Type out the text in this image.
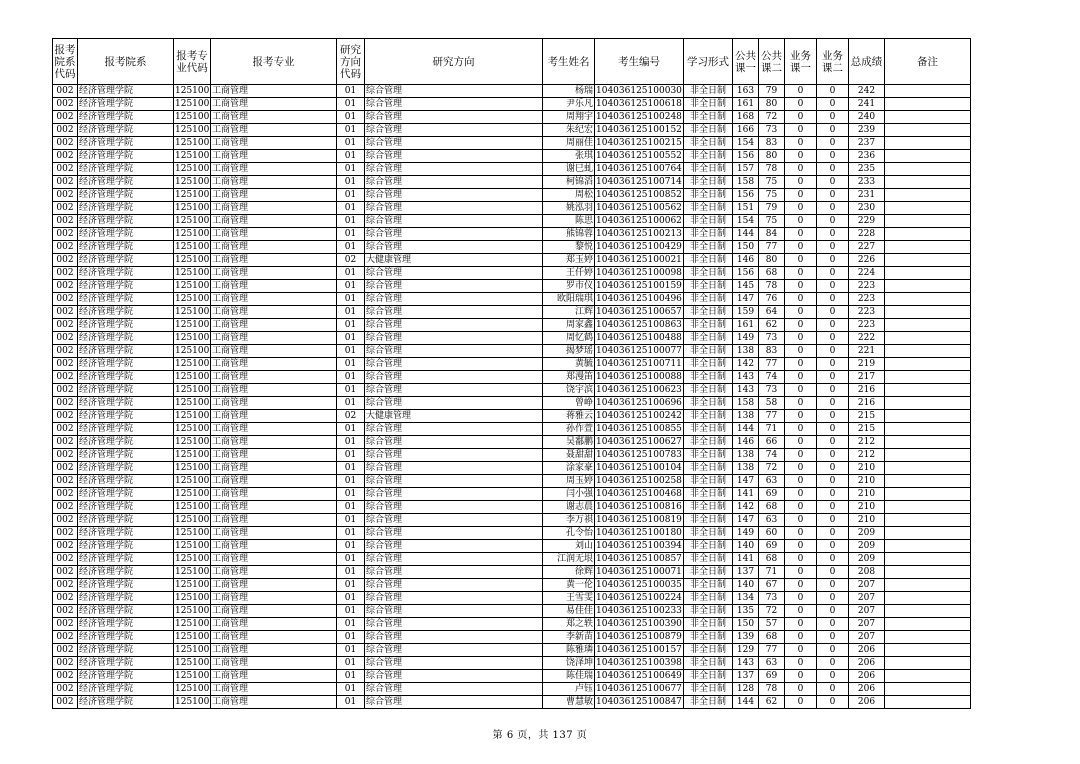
报考院系代码	报考院系	报考专业代码	报考专业	研究方向代码	研究方向	考生姓名	考生编号	学习形式	公共课一	公共课二	业务课一	业务课二	总成绩	备注
002	经济管理学院	125100	工商管理	01	综合管理	杨瑞	104036125100030	非全日制	163	79	0	0	242	
002	经济管理学院	125100	工商管理	01	综合管理	尹乐凡	104036125100618	非全日制	161	80	0	0	241	
002	经济管理学院	125100	工商管理	01	综合管理	周翔宇	104036125100248	非全日制	168	72	0	0	240	
002	经济管理学院	125100	工商管理	01	综合管理	朱纪宏	104036125100152	非全日制	166	73	0	0	239	
002	经济管理学院	125100	工商管理	01	综合管理	周丽佳	104036125100215	非全日制	154	83	0	0	237	
002	经济管理学院	125100	工商管理	01	综合管理	张琪	104036125100552	非全日制	156	80	0	0	236	
002	经济管理学院	125100	工商管理	01	综合管理	谢巳虬	104036125100764	非全日制	157	78	0	0	235	
002	经济管理学院	125100	工商管理	01	综合管理	柯锦滔	104036125100714	非全日制	158	75	0	0	233	
002	经济管理学院	125100	工商管理	01	综合管理	周松	104036125100852	非全日制	156	75	0	0	231	
002	经济管理学院	125100	工商管理	01	综合管理	姚泓羽	104036125100562	非全日制	151	79	0	0	230	
002	经济管理学院	125100	工商管理	01	综合管理	陈思	104036125100062	非全日制	154	75	0	0	229	
002	经济管理学院	125100	工商管理	01	综合管理	熊锦蓉	104036125100213	非全日制	144	84	0	0	228	
002	经济管理学院	125100	工商管理	01	综合管理	黎悦	104036125100429	非全日制	150	77	0	0	227	
002	经济管理学院	125100	工商管理	02	大健康管理	郑玉婷	104036125100021	非全日制	146	80	0	0	226	
002	经济管理学院	125100	工商管理	01	综合管理	王仟婷	104036125100098	非全日制	156	68	0	0	224	
002	经济管理学院	125100	工商管理	01	综合管理	罗市仪	104036125100159	非全日制	145	78	0	0	223	
002	经济管理学院	125100	工商管理	01	综合管理	欧阳瑞琪	104036125100496	非全日制	147	76	0	0	223	
002	经济管理学院	125100	工商管理	01	综合管理	江辉	104036125100657	非全日制	159	64	0	0	223	
002	经济管理学院	125100	工商管理	01	综合管理	周家鑫	104036125100863	非全日制	161	62	0	0	223	
002	经济管理学院	125100	工商管理	01	综合管理	周忆鹤	104036125100488	非全日制	149	73	0	0	222	
002	经济管理学院	125100	工商管理	01	综合管理	揭梦瑶	104036125100077	非全日制	138	83	0	0	221	
002	经济管理学院	125100	工商管理	01	综合管理	黄毓	104036125100711	非全日制	142	77	0	0	219	
002	经济管理学院	125100	工商管理	01	综合管理	郑漫笛	104036125100088	非全日制	143	74	0	0	217	
002	经济管理学院	125100	工商管理	01	综合管理	饶宇滨	104036125100623	非全日制	143	73	0	0	216	
002	经济管理学院	125100	工商管理	01	综合管理	曾峥	104036125100696	非全日制	158	58	0	0	216	
002	经济管理学院	125100	工商管理	02	大健康管理	蒋雅云	104036125100242	非全日制	138	77	0	0	215	
002	经济管理学院	125100	工商管理	01	综合管理	孙作萱	104036125100855	非全日制	144	71	0	0	215	
002	经济管理学院	125100	工商管理	01	综合管理	吴鄱鹏	104036125100627	非全日制	146	66	0	0	212	
002	经济管理学院	125100	工商管理	01	综合管理	聂甜甜	104036125100783	非全日制	138	74	0	0	212	
002	经济管理学院	125100	工商管理	01	综合管理	涂家豪	104036125100104	非全日制	138	72	0	0	210	
002	经济管理学院	125100	工商管理	01	综合管理	周玉婷	104036125100258	非全日制	147	63	0	0	210	
002	经济管理学院	125100	工商管理	01	综合管理	闫小强	104036125100468	非全日制	141	69	0	0	210	
002	经济管理学院	125100	工商管理	01	综合管理	谢志晨	104036125100816	非全日制	142	68	0	0	210	
002	经济管理学院	125100	工商管理	01	综合管理	李万祺	104036125100819	非全日制	147	63	0	0	210	
002	经济管理学院	125100	工商管理	01	综合管理	孔令怡	104036125100180	非全日制	149	60	0	0	209	
002	经济管理学院	125100	工商管理	01	综合管理	刘山	104036125100394	非全日制	140	69	0	0	209	
002	经济管理学院	125100	工商管理	01	综合管理	江润无垠	104036125100857	非全日制	141	68	0	0	209	
002	经济管理学院	125100	工商管理	01	综合管理	徐辉	104036125100071	非全日制	137	71	0	0	208	
002	经济管理学院	125100	工商管理	01	综合管理	黄一伦	104036125100035	非全日制	140	67	0	0	207	
002	经济管理学院	125100	工商管理	01	综合管理	王雪雯	104036125100224	非全日制	134	73	0	0	207	
002	经济管理学院	125100	工商管理	01	综合管理	易佳佳	104036125100233	非全日制	135	72	0	0	207	
002	经济管理学院	125100	工商管理	01	综合管理	郑之轶	104036125100390	非全日制	150	57	0	0	207	
002	经济管理学院	125100	工商管理	01	综合管理	李新苗	104036125100879	非全日制	139	68	0	0	207	
002	经济管理学院	125100	工商管理	01	综合管理	陈雅璘	104036125100157	非全日制	129	77	0	0	206	
002	经济管理学院	125100	工商管理	01	综合管理	饶泽坤	104036125100398	非全日制	143	63	0	0	206	
002	经济管理学院	125100	工商管理	01	综合管理	陈佳瑞	104036125100649	非全日制	137	69	0	0	206	
002	经济管理学院	125100	工商管理	01	综合管理	卢钰	104036125100677	非全日制	128	78	0	0	206	
002	经济管理学院	125100	工商管理	01	综合管理	曹慧敏	104036125100847	非全日制	144	62	0	0	206	
第 6 页，共 137 页
